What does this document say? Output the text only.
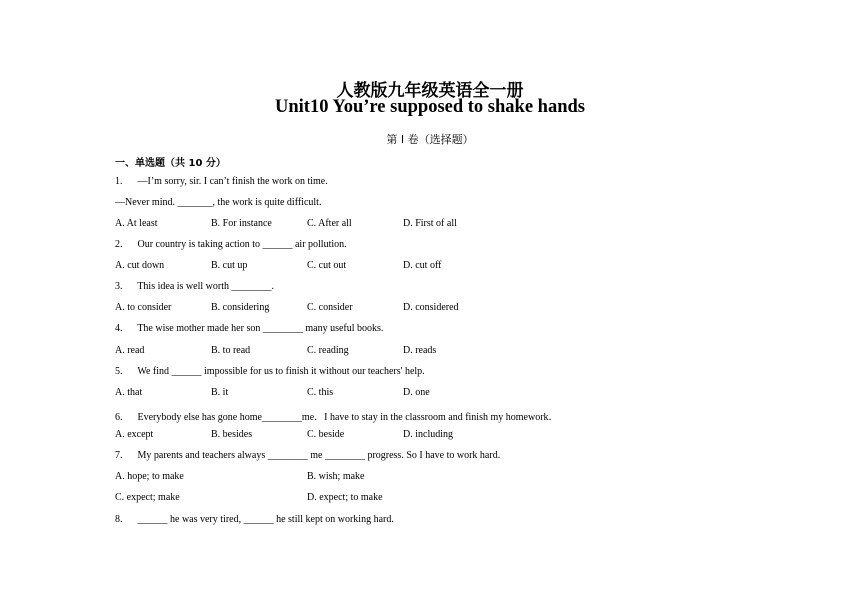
人教版九年级英语全一册
Unit10 You’re supposed to shake hands
第 I 卷（选择题）
一、单选题（共 10 分）
1. —I’m sorry, sir. I can’t finish the work on time.
—Never mind. _______, the work is quite difficult.
A. At least	B. For instance	C. After all	D. First of all
2. Our country is taking action to ______ air pollution.
A. cut down	B. cut up	C. cut out	D. cut off
3. This idea is well worth ________.
A. to consider	B. considering	C. consider	D. considered
4. The wise mother made her son ________ many useful books.
A. read	B. to read	C. reading	D. reads
5. We find ______ impossible for us to finish it without our teachers' help.
A. that	B. it	C. this	D. one
6. Everybody else has gone home________me．I have to stay in the classroom and finish my homework．
A. except	B. besides	C. beside	D. including
7. My parents and teachers always ________ me ________ progress. So I have to work hard.
A. hope; to make	B. wish; make
C. expect; make	D. expect; to make
8. ______ he was very tired, ______ he still kept on working hard.
